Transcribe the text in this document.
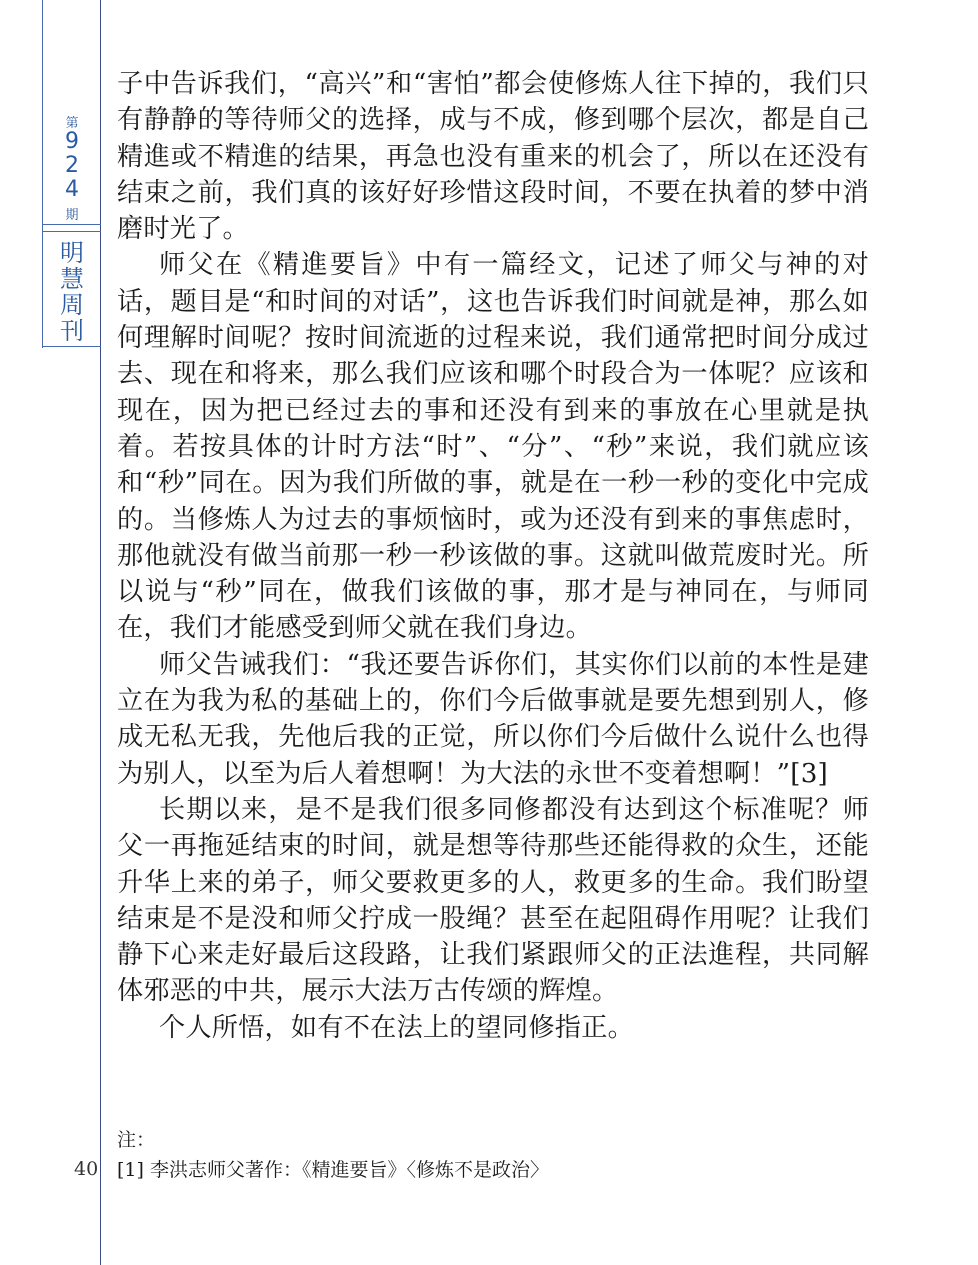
第
9
2
4
期
明
慧
周
刊

子中告诉我们，“高兴”和“害怕”都会使修炼人往下掉的，我们只有静静的等待师父的选择，成与不成，修到哪个层次，都是自己精進或不精進的结果，再急也没有重来的机会了，所以在还没有结束之前，我们真的该好好珍惜这段时间，不要在执着的梦中消磨时光了。

师父在《精進要旨》中有一篇经文，记述了师父与神的对话，题目是“和时间的对话”，这也告诉我们时间就是神，那么如何理解时间呢？按时间流逝的过程来说，我们通常把时间分成过去、现在和将来，那么我们应该和哪个时段合为一体呢？应该和现在，因为把已经过去的事和还没有到来的事放在心里就是执着。若按具体的计时方法“时”、“分”、“秒”来说，我们就应该和“秒”同在。因为我们所做的事，就是在一秒一秒的变化中完成的。当修炼人为过去的事烦恼时，或为还没有到来的事焦虑时，那他就没有做当前那一秒一秒该做的事。这就叫做荒废时光。所以说与“秒”同在，做我们该做的事，那才是与神同在，与师同在，我们才能感受到师父就在我们身边。

师父告诫我们：“我还要告诉你们，其实你们以前的本性是建立在为我为私的基础上的，你们今后做事就是要先想到别人，修成无私无我，先他后我的正觉，所以你们今后做什么说什么也得为别人，以至为后人着想啊！为大法的永世不变着想啊！”[3]

长期以来，是不是我们很多同修都没有达到这个标准呢？师父一再拖延结束的时间，就是想等待那些还能得救的众生，还能升华上来的弟子，师父要救更多的人，救更多的生命。我们盼望结束是不是没和师父拧成一股绳？甚至在起阻碍作用呢？让我们静下心来走好最后这段路，让我们紧跟师父的正法進程，共同解体邪恶的中共，展示大法万古传颂的辉煌。

个人所悟，如有不在法上的望同修指正。

注：
[1] 李洪志师父著作：《精進要旨》〈修炼不是政治〉
40
